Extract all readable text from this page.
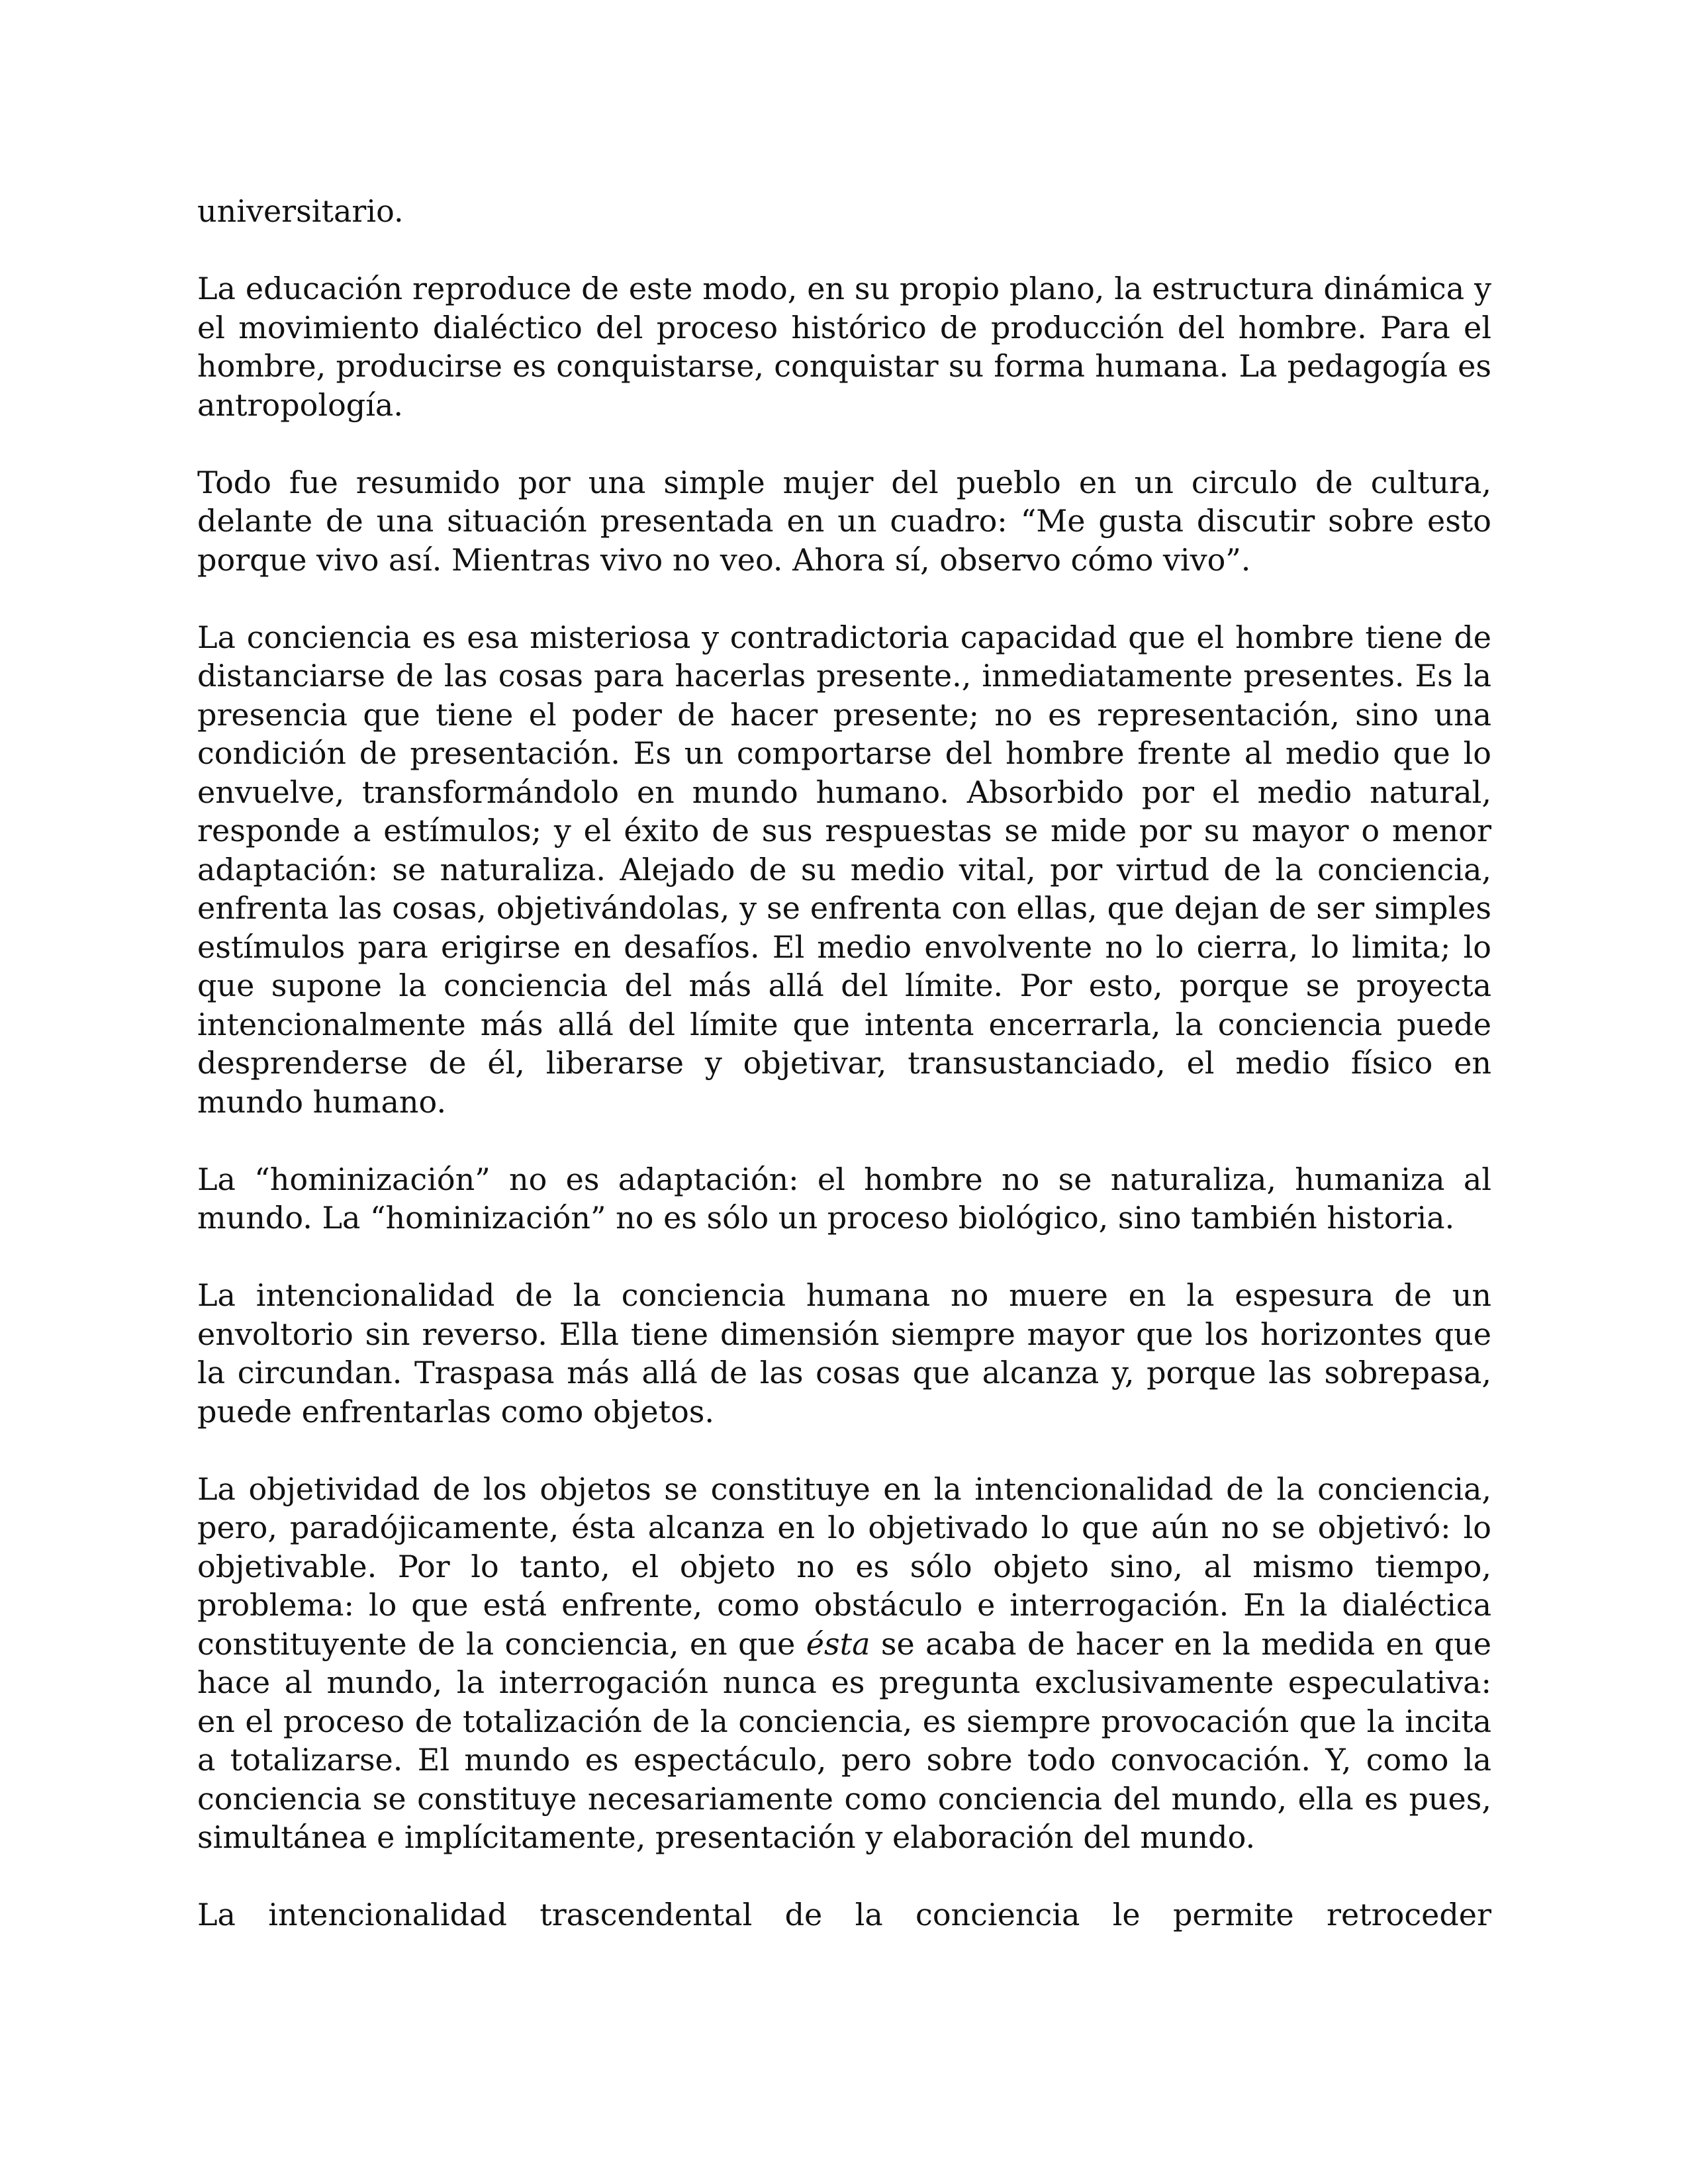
universitario.

La educación reproduce de este modo, en su propio plano, la estructura dinámica y el movimiento dialéctico del proceso histórico de producción del hombre. Para el hombre, producirse es conquistarse, conquistar su forma humana. La pedagogía es antropología.

Todo fue resumido por una simple mujer del pueblo en un circulo de cultura, delante de una situación presentada en un cuadro: “Me gusta discutir sobre esto porque vivo así. Mientras vivo no veo. Ahora sí, observo cómo vivo”.

La conciencia es esa misteriosa y contradictoria capacidad que el hombre tiene de distanciarse de las cosas para hacerlas presente., inmediatamente presentes. Es la presencia que tiene el poder de hacer presente; no es representación, sino una condición de presentación. Es un comportarse del hombre frente al medio que lo envuelve, transformándolo en mundo humano. Absorbido por el medio natural, responde a estímulos; y el éxito de sus respuestas se mide por su mayor o menor adaptación: se naturaliza. Alejado de su medio vital, por virtud de la conciencia, enfrenta las cosas, objetivándolas, y se enfrenta con ellas, que dejan de ser simples estímulos para erigirse en desafíos. El medio envolvente no lo cierra, lo limita; lo que supone la conciencia del más allá del límite. Por esto, porque se proyecta intencionalmente más allá del límite que intenta encerrarla, la conciencia puede desprenderse de él, liberarse y objetivar, transustanciado, el medio físico en mundo humano.

La “hominización” no es adaptación: el hombre no se naturaliza, humaniza al mundo. La “hominización” no es sólo un proceso biológico, sino también historia.

La intencionalidad de la conciencia humana no muere en la espesura de un envoltorio sin reverso. Ella tiene dimensión siempre mayor que los horizontes que la circundan. Traspasa más allá de las cosas que alcanza y, porque las sobrepasa, puede enfrentarlas como objetos.

La objetividad de los objetos se constituye en la intencionalidad de la conciencia, pero, paradójicamente, ésta alcanza en lo objetivado lo que aún no se objetivó: lo objetivable. Por lo tanto, el objeto no es sólo objeto sino, al mismo tiempo, problema: lo que está enfrente, como obstáculo e interrogación. En la dialéctica constituyente de la conciencia, en que ésta se acaba de hacer en la medida en que hace al mundo, la interrogación nunca es pregunta exclusivamente especulativa: en el proceso de totalización de la conciencia, es siempre provocación que la incita a totalizarse. El mundo es espectáculo, pero sobre todo convocación. Y, como la conciencia se constituye necesariamente como conciencia del mundo, ella es pues, simultánea e implícitamente, presentación y elaboración del mundo.

La intencionalidad trascendental de la conciencia le permite retroceder
